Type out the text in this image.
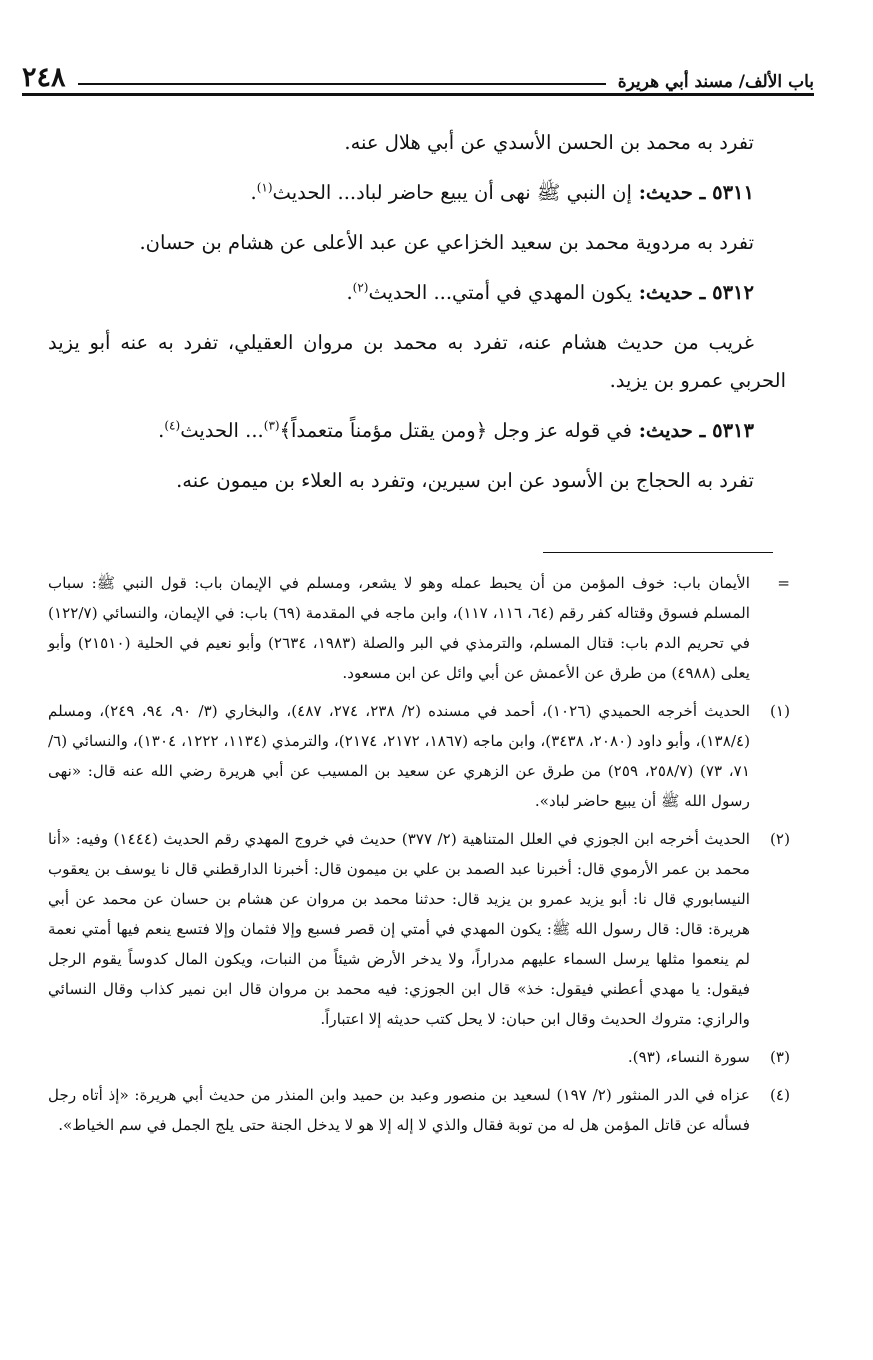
باب الألف/ مسند أبي هريرة
٢٤٨

تفرد به محمد بن الحسن الأسدي عن أبي هلال عنه.

٥٣١١ ـ حديث: إن النبي ﷺ نهى أن يبيع حاضر لباد... الحديث$^{(١)}$.

تفرد به مردوية محمد بن سعيد الخزاعي عن عبد الأعلى عن هشام بن حسان.

٥٣١٢ ـ حديث: يكون المهدي في أمتي... الحديث$^{(٢)}$.

غريب من حديث هشام عنه، تفرد به محمد بن مروان العقيلي، تفرد به عنه أبو يزيد الحربي عمرو بن يزيد.

٥٣١٣ ـ حديث: في قوله عز وجل ﴿ومن يقتل مؤمناً متعمداً﴾$^{(٣)}$... الحديث$^{(٤)}$.

تفرد به الحجاج بن الأسود عن ابن سيرين، وتفرد به العلاء بن ميمون عنه.

=

الأيمان باب: خوف المؤمن من أن يحبط عمله وهو لا يشعر، ومسلم في الإيمان باب: قول النبي ﷺ: سباب المسلم فسوق وقتاله كفر رقم (٦٤، ١١٦، ١١٧)، وابن ماجه في المقدمة (٦٩) باب: في الإيمان، والنسائي (١٢٢/٧) في تحريم الدم باب: قتال المسلم، والترمذي في البر والصلة (١٩٨٣، ٢٦٣٤) وأبو نعيم في الحلية (٢١٥١٠) وأبو يعلى (٤٩٨٨) من طرق عن الأعمش عن أبي وائل عن ابن مسعود.

(١)

الحديث أخرجه الحميدي (١٠٢٦)، أحمد في مسنده (٢/ ٢٣٨، ٢٧٤، ٤٨٧)، والبخاري (٣/ ٩٠، ٩٤، ٢٤٩)، ومسلم (١٣٨/٤)، وأبو داود (٢٠٨٠، ٣٤٣٨)، وابن ماجه (١٨٦٧، ٢١٧٢، ٢١٧٤)، والترمذي (١١٣٤، ١٢٢٢، ١٣٠٤)، والنسائي (٦/ ٧١، ٧٣) (٢٥٨/٧، ٢٥٩) من طرق عن الزهري عن سعيد بن المسيب عن أبي هريرة رضي الله عنه قال: «نهى رسول الله ﷺ أن يبيع حاضر لباد».

(٢)

الحديث أخرجه ابن الجوزي في العلل المتناهية (٢/ ٣٧٧) حديث في خروج المهدي رقم الحديث (١٤٤٤) وفيه: «أنا محمد بن عمر الأرموي قال: أخبرنا عبد الصمد بن علي بن ميمون قال: أخبرنا الدارقطني قال نا يوسف بن يعقوب النيسابوري قال نا: أبو يزيد عمرو بن يزيد قال: حدثنا محمد بن مروان عن هشام بن حسان عن محمد عن أبي هريرة: قال: قال رسول الله ﷺ: يكون المهدي في أمتي إن قصر فسبع وإلا فثمان وإلا فتسع ينعم فيها أمتي نعمة لم ينعموا مثلها يرسل السماء عليهم مدراراً، ولا يدخر الأرض شيئاً من النبات، ويكون المال كدوساً يقوم الرجل فيقول: يا مهدي أعطني فيقول: خذ» قال ابن الجوزي: فيه محمد بن مروان قال ابن نمير كذاب وقال النسائي والرازي: متروك الحديث وقال ابن حبان: لا يحل كتب حديثه إلا اعتباراً.

(٣)

سورة النساء، (٩٣).

(٤)

عزاه في الدر المنثور (٢/ ١٩٧) لسعيد بن منصور وعبد بن حميد وابن المنذر من حديث أبي هريرة: «إذ أتاه رجل فسأله عن قاتل المؤمن هل له من توبة فقال والذي لا إله إلا هو لا يدخل الجنة حتى يلج الجمل في سم الخياط».
